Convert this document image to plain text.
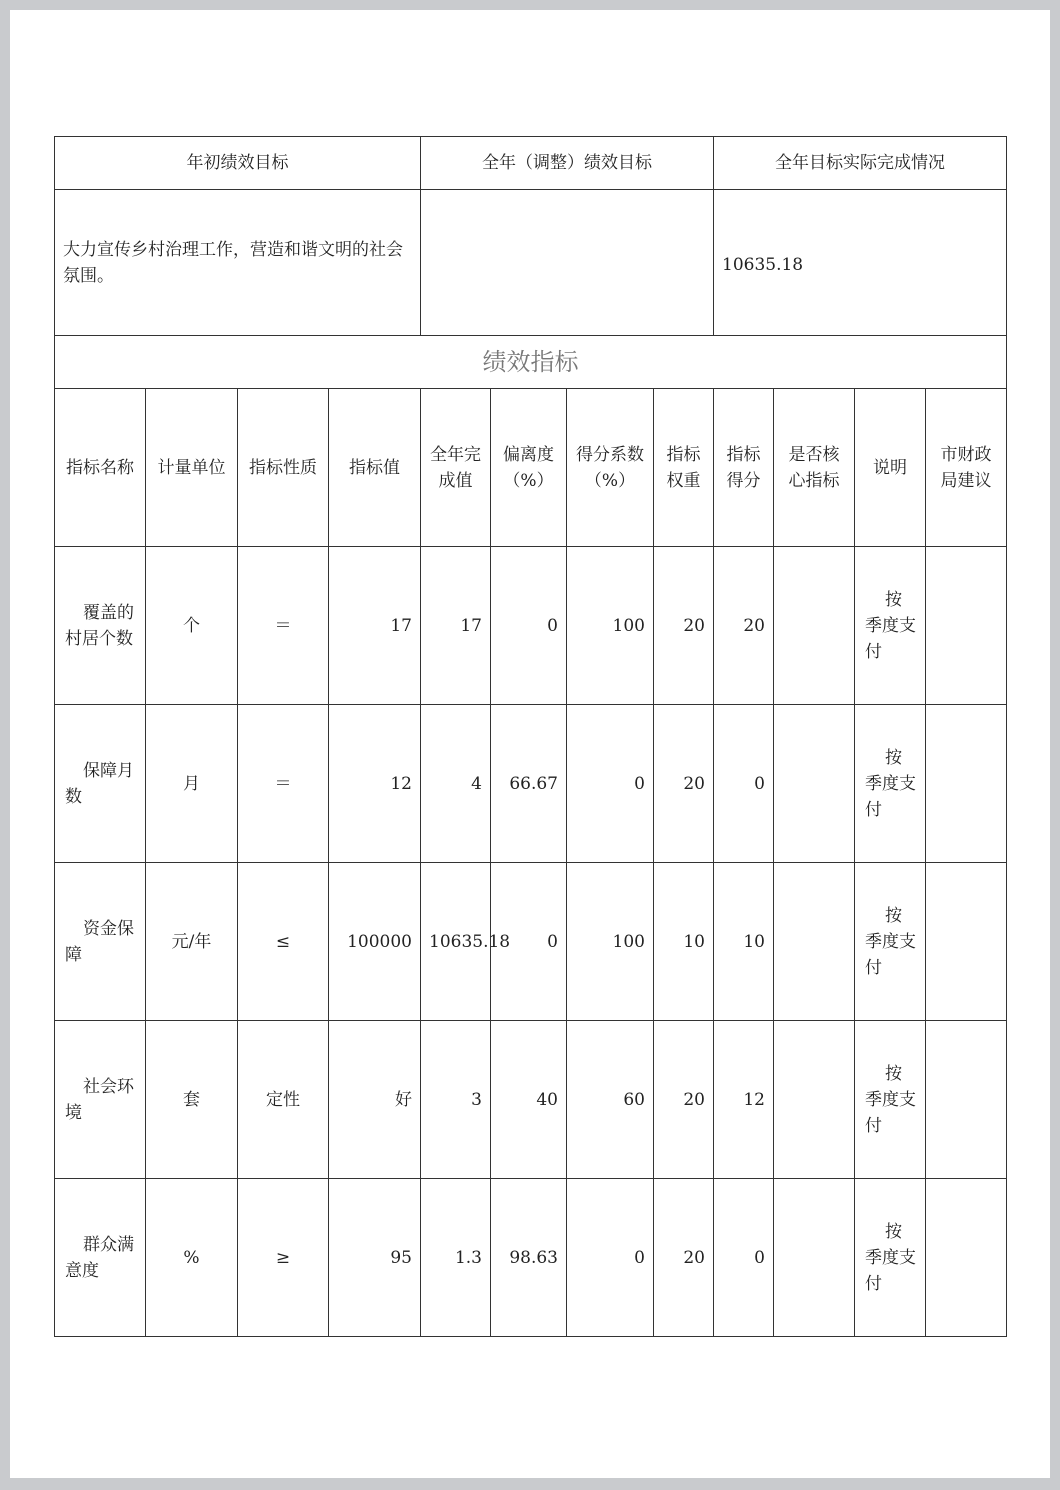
年初绩效目标				全年（调整）绩效目标				全年目标实际完成情况			
大力宣传乡村治理工作，营造和谐文明的社会氛围。								10635.18			
绩效指标											
指标名称	计量单位	指标性质	指标值	全年完成值	偏离度（%）	得分系数（%）	指标权重	指标得分	是否核心指标	说明	市财政局建议
覆盖的村居个数	个	＝	17	17	0	100	20	20		按季度支付	
保障月数	月	＝	12	4	66.67	0	20	0		按季度支付	
资金保障	元/年	≤	100000	10635.18	0	100	10	10		按季度支付	
社会环境	套	定性	好	3	40	60	20	12		按季度支付	
群众满意度	%	≥	95	1.3	98.63	0	20	0		按季度支付	
